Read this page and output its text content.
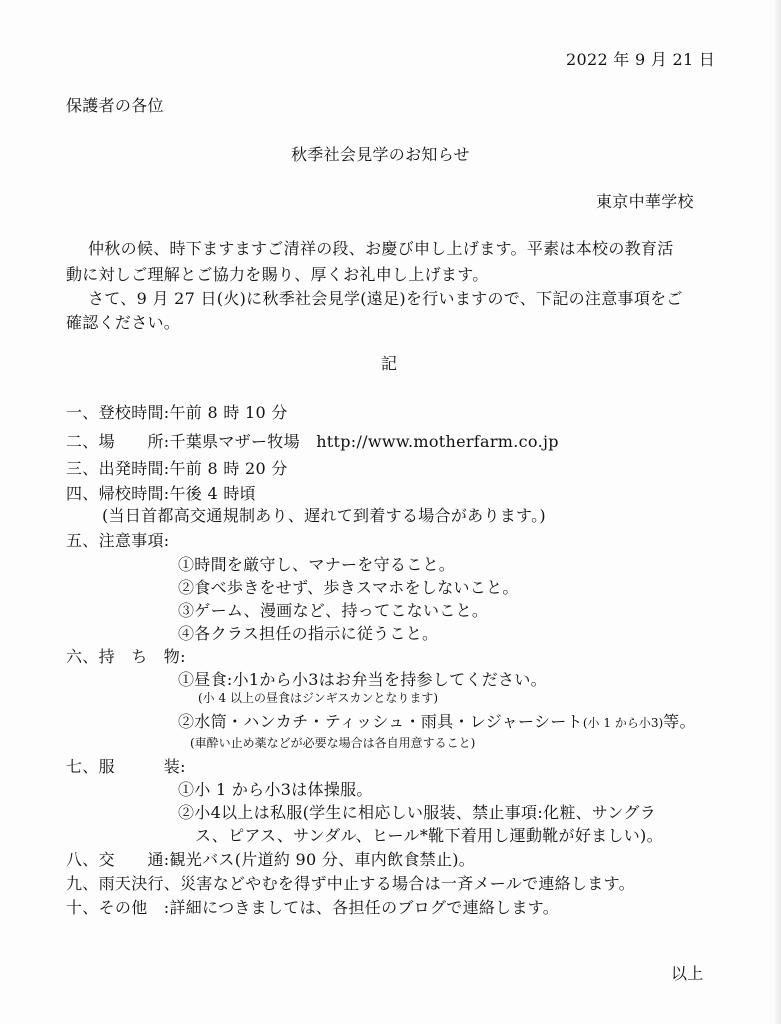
2022 年 9 月 21 日
保護者の各位
秋季社会見学のお知らせ
東京中華学校
仲秋の候、時下ますますご清祥の段、お慶び申し上げます。平素は本校の教育活
動に対しご理解とご協力を賜り、厚くお礼申し上げます。
さて、9 月 27 日(火)に秋季社会見学(遠足)を行いますので、下記の注意事項をご
確認ください。
記
一、登校時間:午前 8 時 10 分
二、場　　所:千葉県マザー牧場　http://www.motherfarm.co.jp
三、出発時間:午前 8 時 20 分
四、帰校時間:午後 4 時頃
(当日首都高交通規制あり、遅れて到着する場合があります。)
五、注意事項:
①時間を厳守し、マナーを守ること。
②食べ歩きをせず、歩きスマホをしないこと。
③ゲーム、漫画など、持ってこないこと。
④各クラス担任の指示に従うこと。
六、持　ち　物:
①昼食:小1から小3はお弁当を持参してください。
(小 4 以上の昼食はジンギスカンとなります)
②水筒・ハンカチ・ティッシュ・雨具・レジャーシート(小 1 から小3)等。
(車酔い止め薬などが必要な場合は各自用意すること)
七、服　　　装:
①小 1 から小3は体操服。
②小4以上は私服(学生に相応しい服装、禁止事項:化粧、サングラ
ス、ピアス、サンダル、ヒール*靴下着用し運動靴が好ましい)。
八、交　　通:観光バス(片道約 90 分、車内飲食禁止)。
九、雨天決行、災害などやむを得ず中止する場合は一斉メールで連絡します。
十、その他　:詳細につきましては、各担任のブログで連絡します。
以上
